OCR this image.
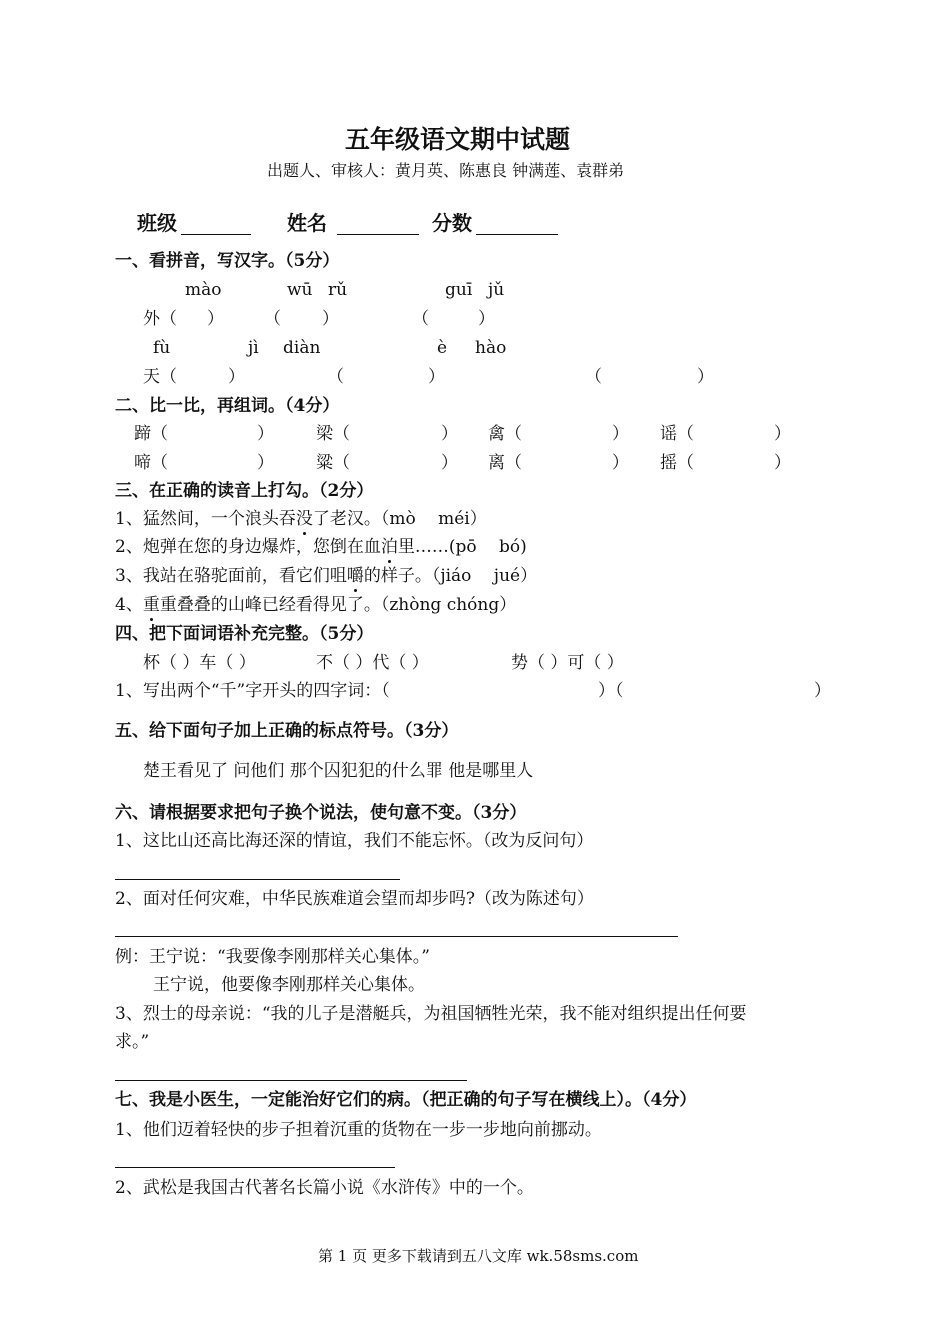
五年级语文期中试题
出题人、审核人：黄月英、陈惠良 钟满莲、袁群弟
班级	姓名	分数
一、看拼音，写汉字。（5分）
mào	wū rǔ	guī jǔ
外（ ） （ ）	（	）
fù	jì diàn	è hào
天（	）	（	）	（	）
二、比一比，再组词。（4分）
蹄（	） 梁（	） 禽（	） 谣（	）
啼（	） 粱（	） 离（	） 摇（	）
三、在正确的读音上打勾。（2分）
1、猛然间，一个浪头吞没了老汉。（mò　 méi）
2、炮弹在您的身边爆炸，您倒在血泊里……(pō　 bó)
3、我站在骆驼面前，看它们咀嚼的样子。（jiáo　 jué）
4、重重叠叠的山峰已经看得见了。（zhòng chóng）
四、把下面词语补充完整。（5分）
杯（ ）车（ ）	不（ ）代（ ）	势（ ）可（ ）
1、写出两个“千”字开头的四字词：（	）（	）
五、给下面句子加上正确的标点符号。（3分）
楚王看见了 问他们 那个囚犯犯的什么罪 他是哪里人
六、请根据要求把句子换个说法，使句意不变。（3分）
1、这比山还高比海还深的情谊，我们不能忘怀。（改为反问句）
2、面对任何灾难，中华民族难道会望而却步吗?（改为陈述句）
例：王宁说：“我要像李刚那样关心集体。”
王宁说，他要像李刚那样关心集体。
3、烈士的母亲说：“我的儿子是潜艇兵，为祖国牺牲光荣，我不能对组织提出任何要
求。”
七、我是小医生，一定能治好它们的病。（把正确的句子写在横线上）。（4分）
1、他们迈着轻快的步子担着沉重的货物在一步一步地向前挪动。
2、武松是我国古代著名长篇小说《水浒传》中的一个。
第 1 页 更多下载请到五八文库 wk.58sms.com
